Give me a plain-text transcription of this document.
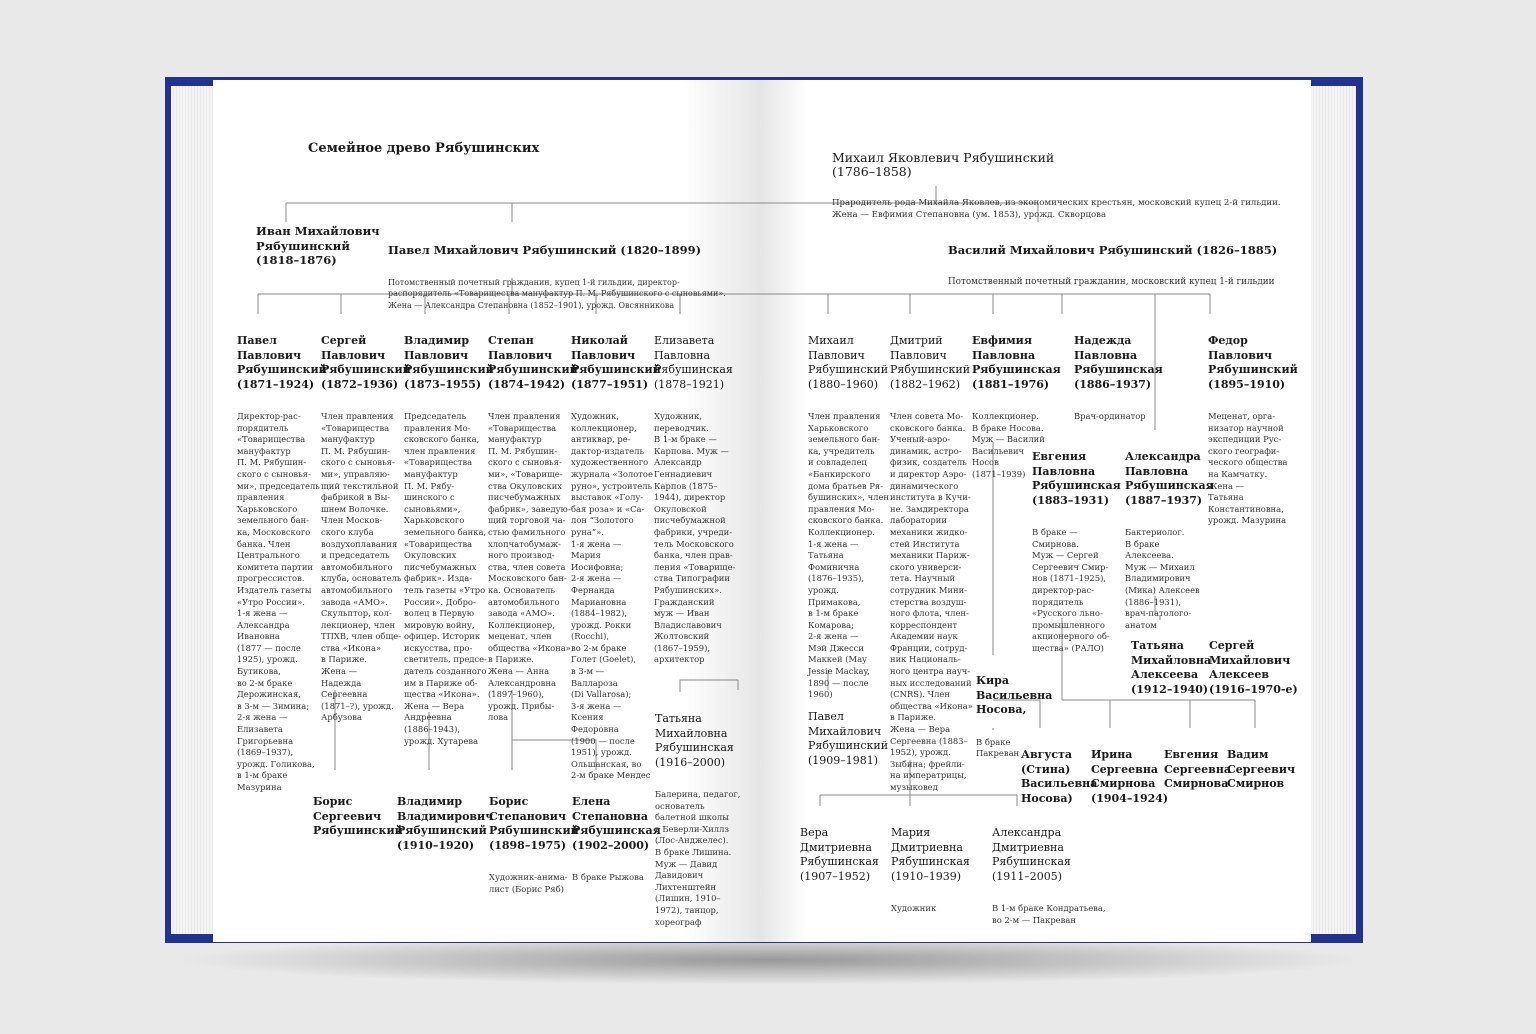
Семейное древо Рябушинских

Михаил Яковлевич Рябушинский
(1786–1858)

Прародитель рода Михайла Яковлев, из экономических крестьян, московский купец 2-й гильдии.
Жена — Евфимия Степановна (ум. 1853), урожд. Скворцова

Иван Михайлович
Рябушинский
(1818–1876)

Павел Михайлович Рябушинский (1820–1899)

Потомственный почетный гражданин, купец 1-й гильдии, директор-
распорядитель «Товарищества мануфактур П. М. Рябушинского с сыновьями».
Жена — Александра Степановна (1852–1901), урожд. Овсянникова

Василий Михайлович Рябушинский (1826–1885)

Потомственный почетный гражданин, московский купец 1-й гильдии

Павел
Павлович
Рябушинский
(1871–1924)

Директор-рас-
порядитель
«Товарищества
мануфактур
П. М. Рябушин-
ского с сыновья-
ми», председатель
правления
Харьковского
земельного бан-
ка, Московского
банка. Член
Центрального
комитета партии
прогрессистов.
Издатель газеты
«Утро России».
1-я жена —
Александра
Ивановна
(1877 — после
1925), урожд.
Бутикова,
во 2-м браке
Дерожинская,
в 3-м — Зимина;
2-я жена —
Елизавета
Григорьевна
(1869–1937),
урожд. Голикова,
в 1-м браке
Мазурина

Сергей
Павлович
Рябушинский
(1872–1936)

Член правления
«Товарищества
мануфактур
П. М. Рябушин-
ского с сыновья-
ми», управляю-
щий текстильной
фабрикой в Вы-
шнем Волочке.
Член Москов-
ского клуба
воздухоплавания
и председатель
автомобильного
клуба, основатель
автомобильного
завода «АМО».
Скульптор, кол-
лекционер, член
ТПХВ, член обще-
ства «Икона»
в Париже.
Жена —
Надежда
Сергеевна
(1871–?), урожд.
Арбузова

Владимир
Павлович
Рябушинский
(1873–1955)

Председатель
правления Мо-
сковского банка,
член правления
«Товарищества
мануфактур
П. М. Рябу-
шинского с
сыновьями»,
Харьковского
земельного банка,
«Товарищества
Окуловских
писчебумажных
фабрик». Изда-
тель газеты «Утро
России». Добро-
волец в Первую
мировую войну,
офицер. Историк
искусства, про-
светитель, предсе-
датель созданного
им в Париже об-
щества «Икона».
Жена — Вера
Андреевна
(1886–1943),
урожд. Хутарева

Степан
Павлович
Рябушинский
(1874–1942)

Член правления
«Товарищества
мануфактур
П. М. Рябушин-
ского с сыновья-
ми», «Товарище-
ства Окуловских
писчебумажных
фабрик», заведую-
щий торговой ча-
стью фамильного
хлопчатобумаж-
ного производ-
ства, член совета
Московского бан-
ка. Основатель
автомобильного
завода «АМО».
Коллекционер,
меценат, член
общества «Икона»
в Париже.
Жена — Анна
Александровна
(1897–1960),
урожд. Прибы-
лова

Николай
Павлович
Рябушинский
(1877–1951)

Художник,
коллекционер,
антиквар, ре-
дактор-издатель
художественного
журнала «Золотое
руно», устроитель
выставок «Голу-
бая роза» и «Са-
лон “Золотого
руна”».
1-я жена —
Мария
Иосифовна;
2-я жена —
Фернанда
Мариановна
(1884–1982),
урожд. Рокки
(Rocchi),
во 2-м браке
Голет (Goelet),
в 3-м —
Валлароза
(Di Vallarosa);
3-я жена —
Ксения
Федоровна
(1900 — после
1951), урожд.
Ольшанская, во
2-м браке Мендес

Елизавета
Павловна
Рябушинская
(1878–1921)

Художник,
переводчик.
В 1-м браке —
Карпова. Муж —
Александр
Геннадиевич
Карпов (1875–
1944), директор
Окуловской
писчебумажной
фабрики, учреди-
тель Московского
банка, член прав-
ления «Товарище-
ства Типографии
Рябушинских».
Гражданский
муж — Иван
Владиславович
Жолтовский
(1867–1959),
архитектор

Михаил
Павлович
Рябушинский
(1880–1960)

Член правления
Харьковского
земельного бан-
ка, учредитель
и совладелец
«Банкирского
дома братьев Ря-
бушинских», член
правления Мо-
сковского банка.
Коллекционер.
1-я жена —
Татьяна
Фоминична
(1876–1935),
урожд.
Примакова,
в 1-м браке
Комарова;
2-я жена —
Мэй Джесси
Маккей (May
Jessie Mackay,
1890 — после
1960)

Дмитрий
Павлович
Рябушинский
(1882–1962)

Член совета Мо-
сковского банка.
Ученый-аэро-
динамик, астро-
физик, создатель
и директор Аэро-
динамического
института в Кучи-
не. Замдиректора
лаборатории
механики жидко-
стей Института
механики Париж-
ского универси-
тета. Научный
сотрудник Мини-
стерства воздуш-
ного флота, член-
корреспондент
Академии наук
Франции, сотруд-
ник Националь-
ного центра науч-
ных исследований
(CNRS). Член
общества «Икона»
в Париже.
Жена — Вера
Сергеевна (1883–
1952), урожд.
Зыбина; фрейли-
на императрицы,
музыковед

Евфимия
Павловна
Рябушинская
(1881–1976)

Коллекционер.
В браке Носова.
Муж — Василий
Васильевич
Носов
(1871–1939)

Надежда
Павловна
Рябушинская
(1886–1937)

Врач-ординатор

Федор
Павлович
Рябушинский
(1895–1910)

Меценат, орга-
низатор научной
экспедиции Рус-
ского географи-
ческого общества
на Камчатку.
Жена —
Татьяна
Константиновна,
урожд. Мазурина

Евгения
Павловна
Рябушинская
(1883–1931)

В браке —
Смирнова.
Муж — Сергей
Сергеевич Смир-
нов (1871–1925),
директор-рас-
порядитель
«Русского льно-
промышленного
акционерного об-
щества» (РАЛО)

Александра
Павловна
Рябушинская
(1887–1937)

Бактериолог.
В браке
Алексеева.
Муж — Михаил
Владимирович
(Мика) Алексеев
(1886–1931),
врач-патолого-
анатом

Борис
Сергеевич
Рябушинский

Владимир
Владимирович
Рябушинский
(1910–1920)

Борис
Степанович
Рябушинский
(1898–1975)

Художник-анима-
лист (Борис Ряб)

Елена
Степановна
Рябушинская
(1902–2000)

В браке Рыжова

Татьяна
Михайловна
Рябушинская
(1916–2000)

Балерина, педагог,
основатель
балетной школы
в Беверли-Хиллз
(Лос-Анджелес).
В браке Лишина.
Муж — Давид
Давидович
Лихтенштейн
(Лишин, 1910–
1972), танцор,
хореограф

Павел
Михайлович
Рябушинский
(1909–1981)

Кира
Васильевна
Носова,

В браке
Пакреван

Татьяна
Михайловна
Алексеева
(1912–1940)

Сергей
Михайлович
Алексеев
(1916–1970-е)

Августа
(Стина)
Васильевна
Носова)

Ирина
Сергеевна
Смирнова
(1904–1924)

Евгения
Сергеевна
Смирнова

Вадим
Сергеевич
Смирнов

Вера
Дмитриевна
Рябушинская
(1907–1952)

Мария
Дмитриевна
Рябушинская
(1910–1939)

Художник

Александра
Дмитриевна
Рябушинская
(1911–2005)

В 1-м браке Кондратьева,
во 2-м — Пакреван
